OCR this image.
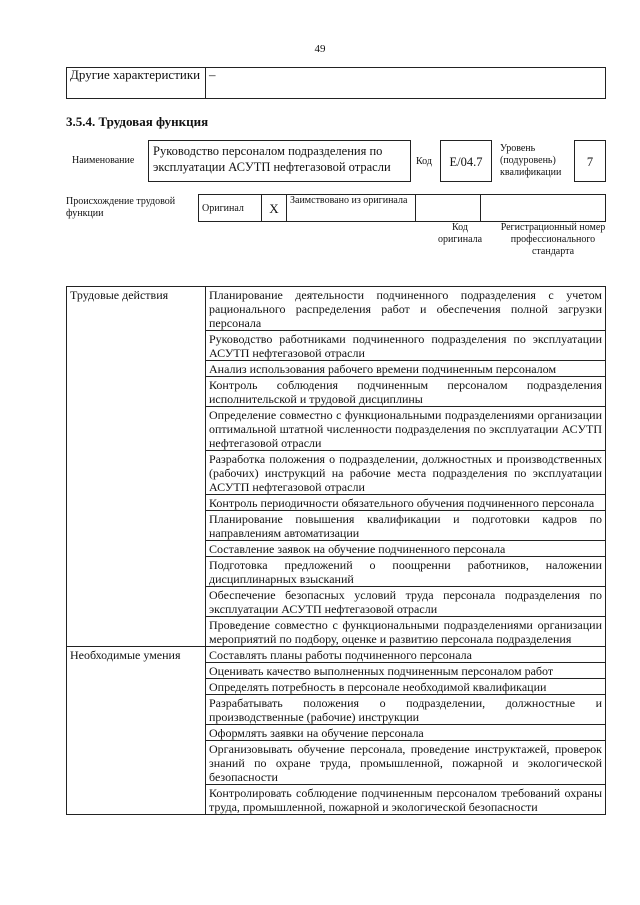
49
Другие характеристики	–
3.5.4. Трудовая функция
Наименование
Руководство персоналом подразделения по эксплуатации АСУТП нефтегазовой отрасли	Код	E/04.7
Уровень (подуровень) квалификации
7
Происхождение трудовой функции	Оригинал	X	Заимствовано из оригинала		
Код оригинала
Регистрационный номер профессионального стандарта
Трудовые действия	Планирование деятельности подчиненного подразделения с учетом рационального распределения работ и обеспечения полной загрузки персонала
	Руководство работниками подчиненного подразделения по эксплуатации АСУТП нефтегазовой отрасли
	Анализ использования рабочего времени подчиненным персоналом
	Контроль соблюдения подчиненным персоналом подразделения исполнительской и трудовой дисциплины
	Определение совместно с функциональными подразделениями организации оптимальной штатной численности подразделения по эксплуатации АСУТП нефтегазовой отрасли
	Разработка положения о подразделении, должностных и производственных (рабочих) инструкций на рабочие места подразделения по эксплуатации АСУТП нефтегазовой отрасли
	Контроль периодичности обязательного обучения подчиненного персонала
	Планирование повышения квалификации и подготовки кадров по направлениям автоматизации
	Составление заявок на обучение подчиненного персонала
	Подготовка предложений о поощренни работников, наложении дисциплинарных взысканий
	Обеспечение безопасных условий труда персонала подразделения по эксплуатации АСУТП нефтегазовой отрасли
	Проведение совместно с функциональными подразделениями организации мероприятий по подбору, оценке и развитию персонала подразделения
Необходимые умения	Составлять планы работы подчиненного персонала
	Оценивать качество выполненных подчиненным персоналом работ
	Определять потребность в персонале необходимой квалификации
	Разрабатывать положения о подразделении, должностные и производственные (рабочие) инструкции
	Оформлять заявки на обучение персонала
	Организовывать обучение персонала, проведение инструктажей, проверок знаний по охране труда, промышленной, пожарной и экологической безопасности
	Контролировать соблюдение подчиненным персоналом требований охраны труда, промышленной, пожарной и экологической безопасности
